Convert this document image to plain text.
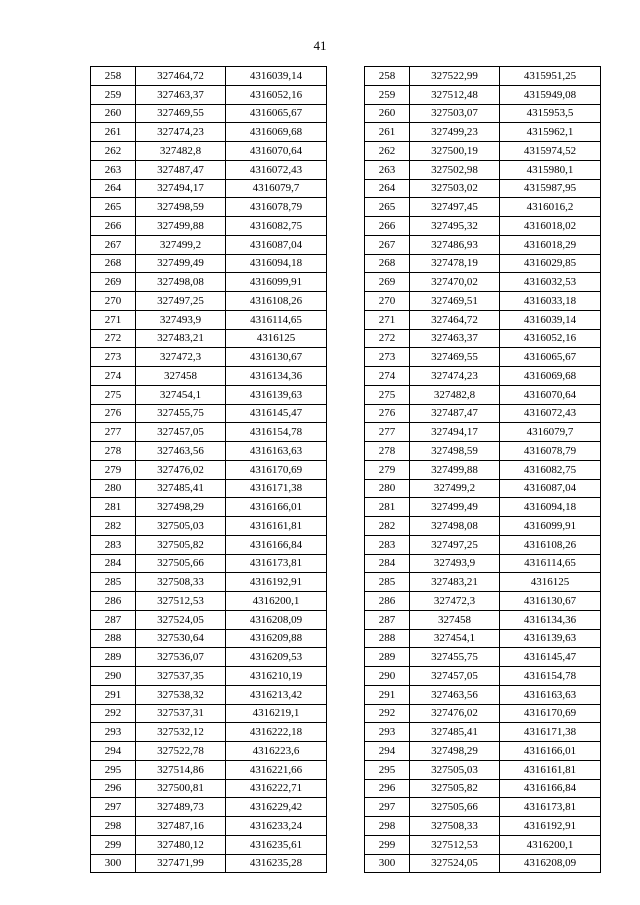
41
258	327464,72	4316039,14
259	327463,37	4316052,16
260	327469,55	4316065,67
261	327474,23	4316069,68
262	327482,8	4316070,64
263	327487,47	4316072,43
264	327494,17	4316079,7
265	327498,59	4316078,79
266	327499,88	4316082,75
267	327499,2	4316087,04
268	327499,49	4316094,18
269	327498,08	4316099,91
270	327497,25	4316108,26
271	327493,9	4316114,65
272	327483,21	4316125
273	327472,3	4316130,67
274	327458	4316134,36
275	327454,1	4316139,63
276	327455,75	4316145,47
277	327457,05	4316154,78
278	327463,56	4316163,63
279	327476,02	4316170,69
280	327485,41	4316171,38
281	327498,29	4316166,01
282	327505,03	4316161,81
283	327505,82	4316166,84
284	327505,66	4316173,81
285	327508,33	4316192,91
286	327512,53	4316200,1
287	327524,05	4316208,09
288	327530,64	4316209,88
289	327536,07	4316209,53
290	327537,35	4316210,19
291	327538,32	4316213,42
292	327537,31	4316219,1
293	327532,12	4316222,18
294	327522,78	4316223,6
295	327514,86	4316221,66
296	327500,81	4316222,71
297	327489,73	4316229,42
298	327487,16	4316233,24
299	327480,12	4316235,61
300	327471,99	4316235,28
258	327522,99	4315951,25
259	327512,48	4315949,08
260	327503,07	4315953,5
261	327499,23	4315962,1
262	327500,19	4315974,52
263	327502,98	4315980,1
264	327503,02	4315987,95
265	327497,45	4316016,2
266	327495,32	4316018,02
267	327486,93	4316018,29
268	327478,19	4316029,85
269	327470,02	4316032,53
270	327469,51	4316033,18
271	327464,72	4316039,14
272	327463,37	4316052,16
273	327469,55	4316065,67
274	327474,23	4316069,68
275	327482,8	4316070,64
276	327487,47	4316072,43
277	327494,17	4316079,7
278	327498,59	4316078,79
279	327499,88	4316082,75
280	327499,2	4316087,04
281	327499,49	4316094,18
282	327498,08	4316099,91
283	327497,25	4316108,26
284	327493,9	4316114,65
285	327483,21	4316125
286	327472,3	4316130,67
287	327458	4316134,36
288	327454,1	4316139,63
289	327455,75	4316145,47
290	327457,05	4316154,78
291	327463,56	4316163,63
292	327476,02	4316170,69
293	327485,41	4316171,38
294	327498,29	4316166,01
295	327505,03	4316161,81
296	327505,82	4316166,84
297	327505,66	4316173,81
298	327508,33	4316192,91
299	327512,53	4316200,1
300	327524,05	4316208,09
